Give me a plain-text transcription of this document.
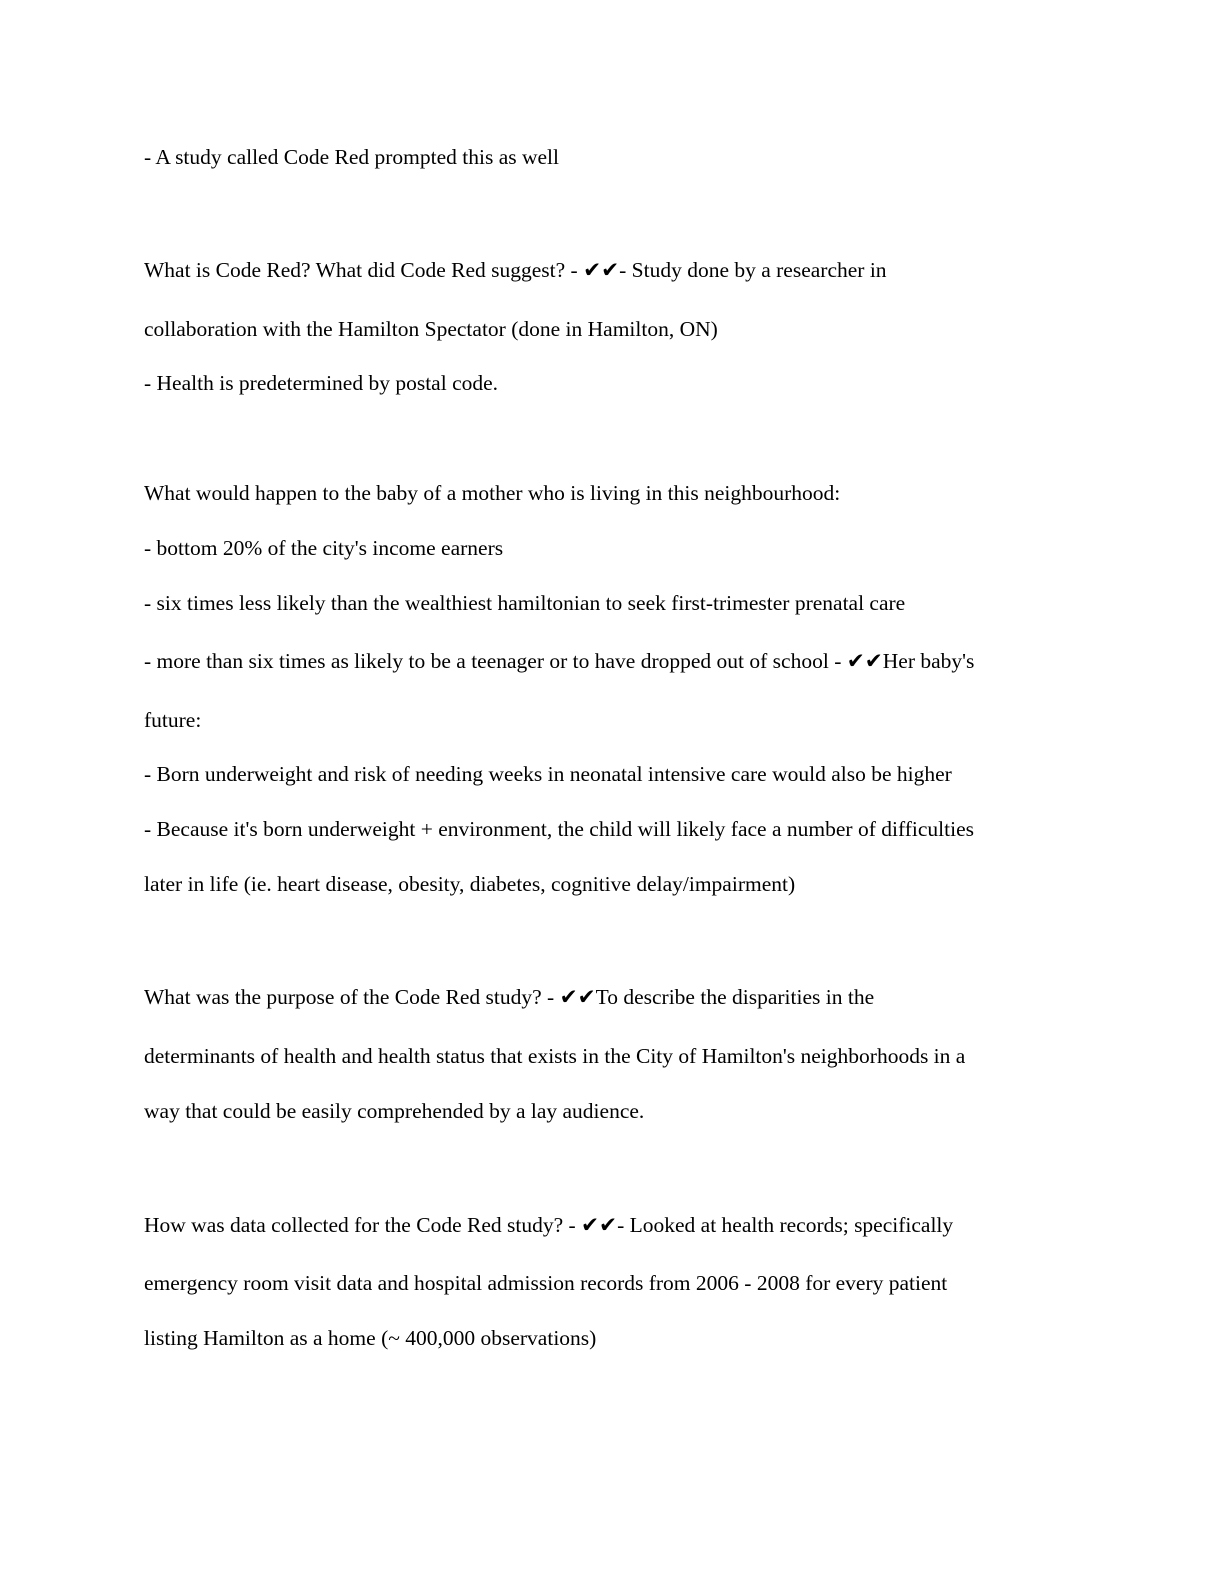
- A study called Code Red prompted this as well
What is Code Red? What did Code Red suggest? - ✔✔- Study done by a researcher in
collaboration with the Hamilton Spectator (done in Hamilton, ON)
- Health is predetermined by postal code.
What would happen to the baby of a mother who is living in this neighbourhood:
- bottom 20% of the city's income earners
- six times less likely than the wealthiest hamiltonian to seek first-trimester prenatal care
- more than six times as likely to be a teenager or to have dropped out of school - ✔✔Her baby's
future:
- Born underweight and risk of needing weeks in neonatal intensive care would also be higher
- Because it's born underweight + environment, the child will likely face a number of difficulties
later in life (ie. heart disease, obesity, diabetes, cognitive delay/impairment)
What was the purpose of the Code Red study? - ✔✔To describe the disparities in the
determinants of health and health status that exists in the City of Hamilton's neighborhoods in a
way that could be easily comprehended by a lay audience.
How was data collected for the Code Red study? - ✔✔- Looked at health records; specifically
emergency room visit data and hospital admission records from 2006 - 2008 for every patient
listing Hamilton as a home (~ 400,000 observations)
